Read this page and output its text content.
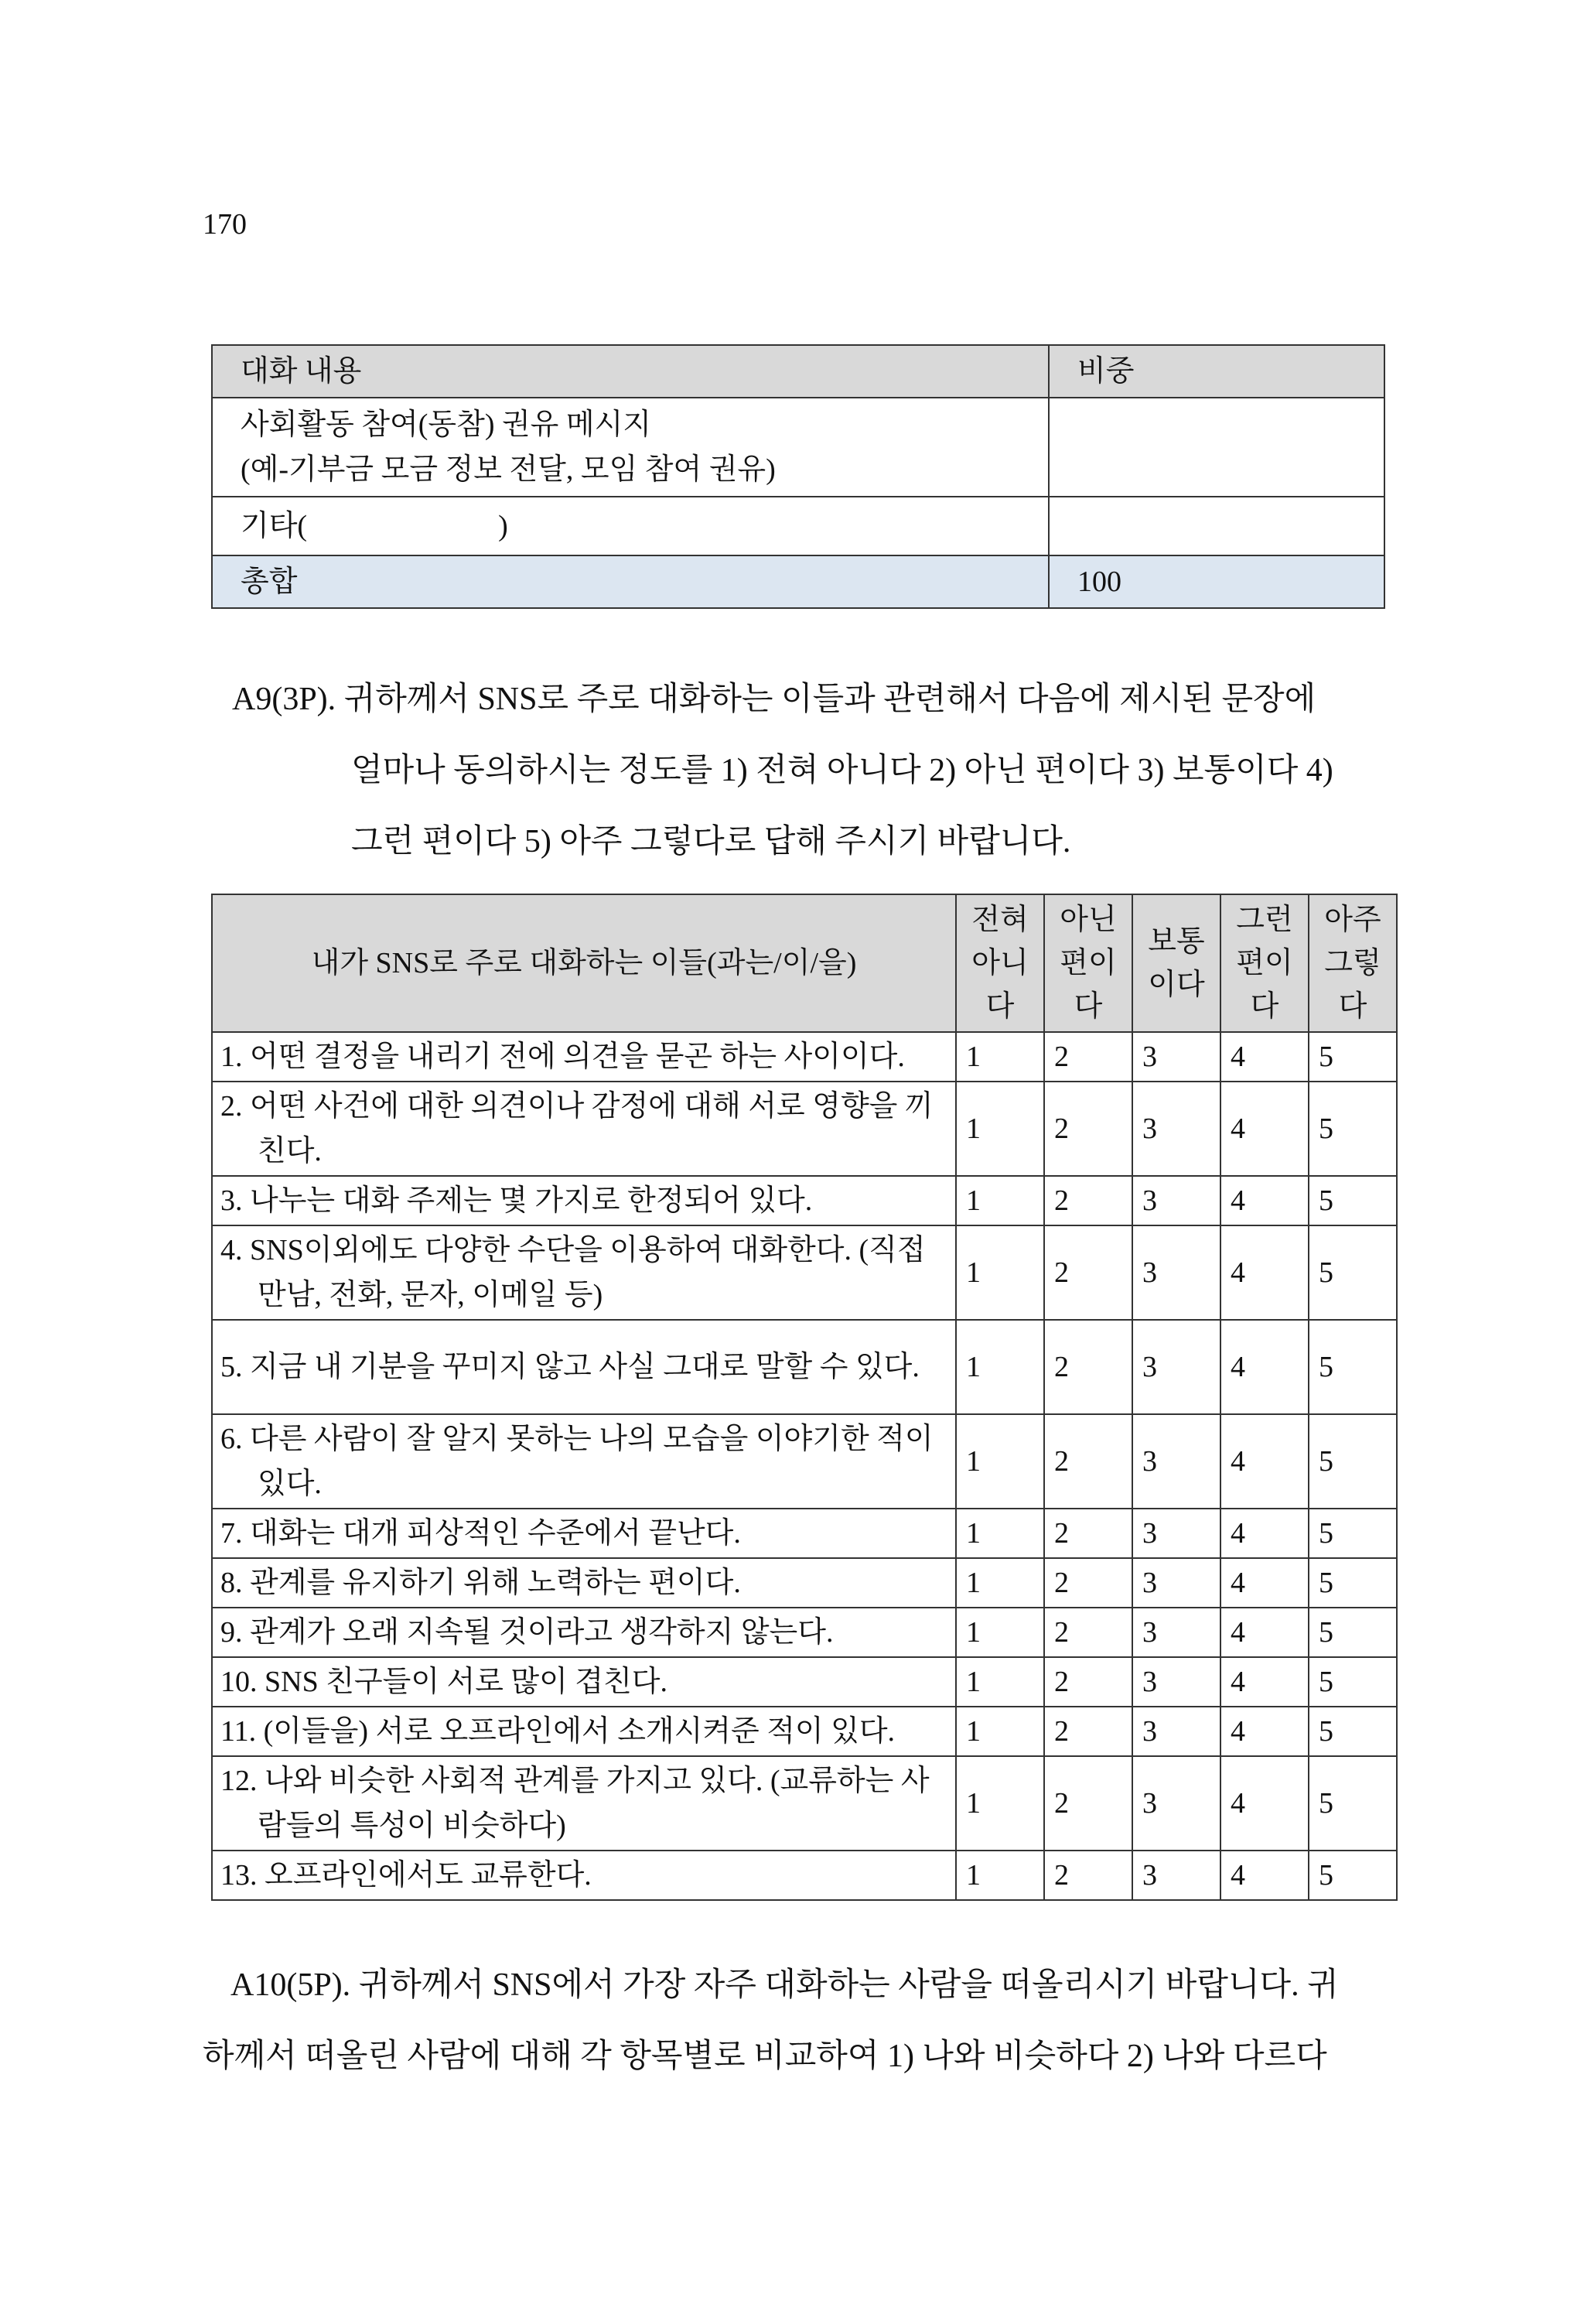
170
대화 내용	비중

사회활동 참여(동참) 권유 메시지
(예-기부금 모금 정보 전달, 모임 참여 권유)	

기타(                          )	
총합	100

A9(3P). 귀하께서 SNS로 주로 대화하는 이들과 관련해서 다음에 제시된 문장에

얼마나 동의하시는 정도를 1) 전혀 아니다 2) 아닌 편이다 3) 보통이다 4)

그런 편이다 5) 아주 그렇다로 답해 주시기 바랍니다.

내가 SNS로 주로 대화하는 이들(과는/이/을)	전혀
아니
다	아닌
편이
다	보통
이다	그런
편이
다	아주
그렇
다

1. 어떤 결정을 내리기 전에 의견을 묻곤 하는 사이이다.	1	2	3	4	5

2. 어떤 사건에 대한 의견이나 감정에 대해 서로 영향을 끼친다.	1	2	3	4	5

3. 나누는 대화 주제는 몇 가지로 한정되어 있다.	1	2	3	4	5

4. SNS이외에도 다양한 수단을 이용하여 대화한다. (직접만남, 전화, 문자, 이메일 등)	1	2	3	4	5

5. 지금 내 기분을 꾸미지 않고 사실 그대로 말할 수 있다.	1	2	3	4	5

6. 다른 사람이 잘 알지 못하는 나의 모습을 이야기한 적이 있다.	1	2	3	4	5

7. 대화는 대개 피상적인 수준에서 끝난다.	1	2	3	4	5

8. 관계를 유지하기 위해 노력하는 편이다.	1	2	3	4	5

9. 관계가 오래 지속될 것이라고 생각하지 않는다.	1	2	3	4	5

10. SNS 친구들이 서로 많이 겹친다.	1	2	3	4	5

11. (이들을) 서로 오프라인에서 소개시켜준 적이 있다.	1	2	3	4	5

12. 나와 비슷한 사회적 관계를 가지고 있다. (교류하는 사람들의 특성이 비슷하다)	1	2	3	4	5

13. 오프라인에서도 교류한다.	1	2	3	4	5

A10(5P). 귀하께서 SNS에서 가장 자주 대화하는 사람을 떠올리시기 바랍니다. 귀

하께서 떠올린 사람에 대해 각 항목별로 비교하여 1) 나와 비슷하다 2) 나와 다르다
